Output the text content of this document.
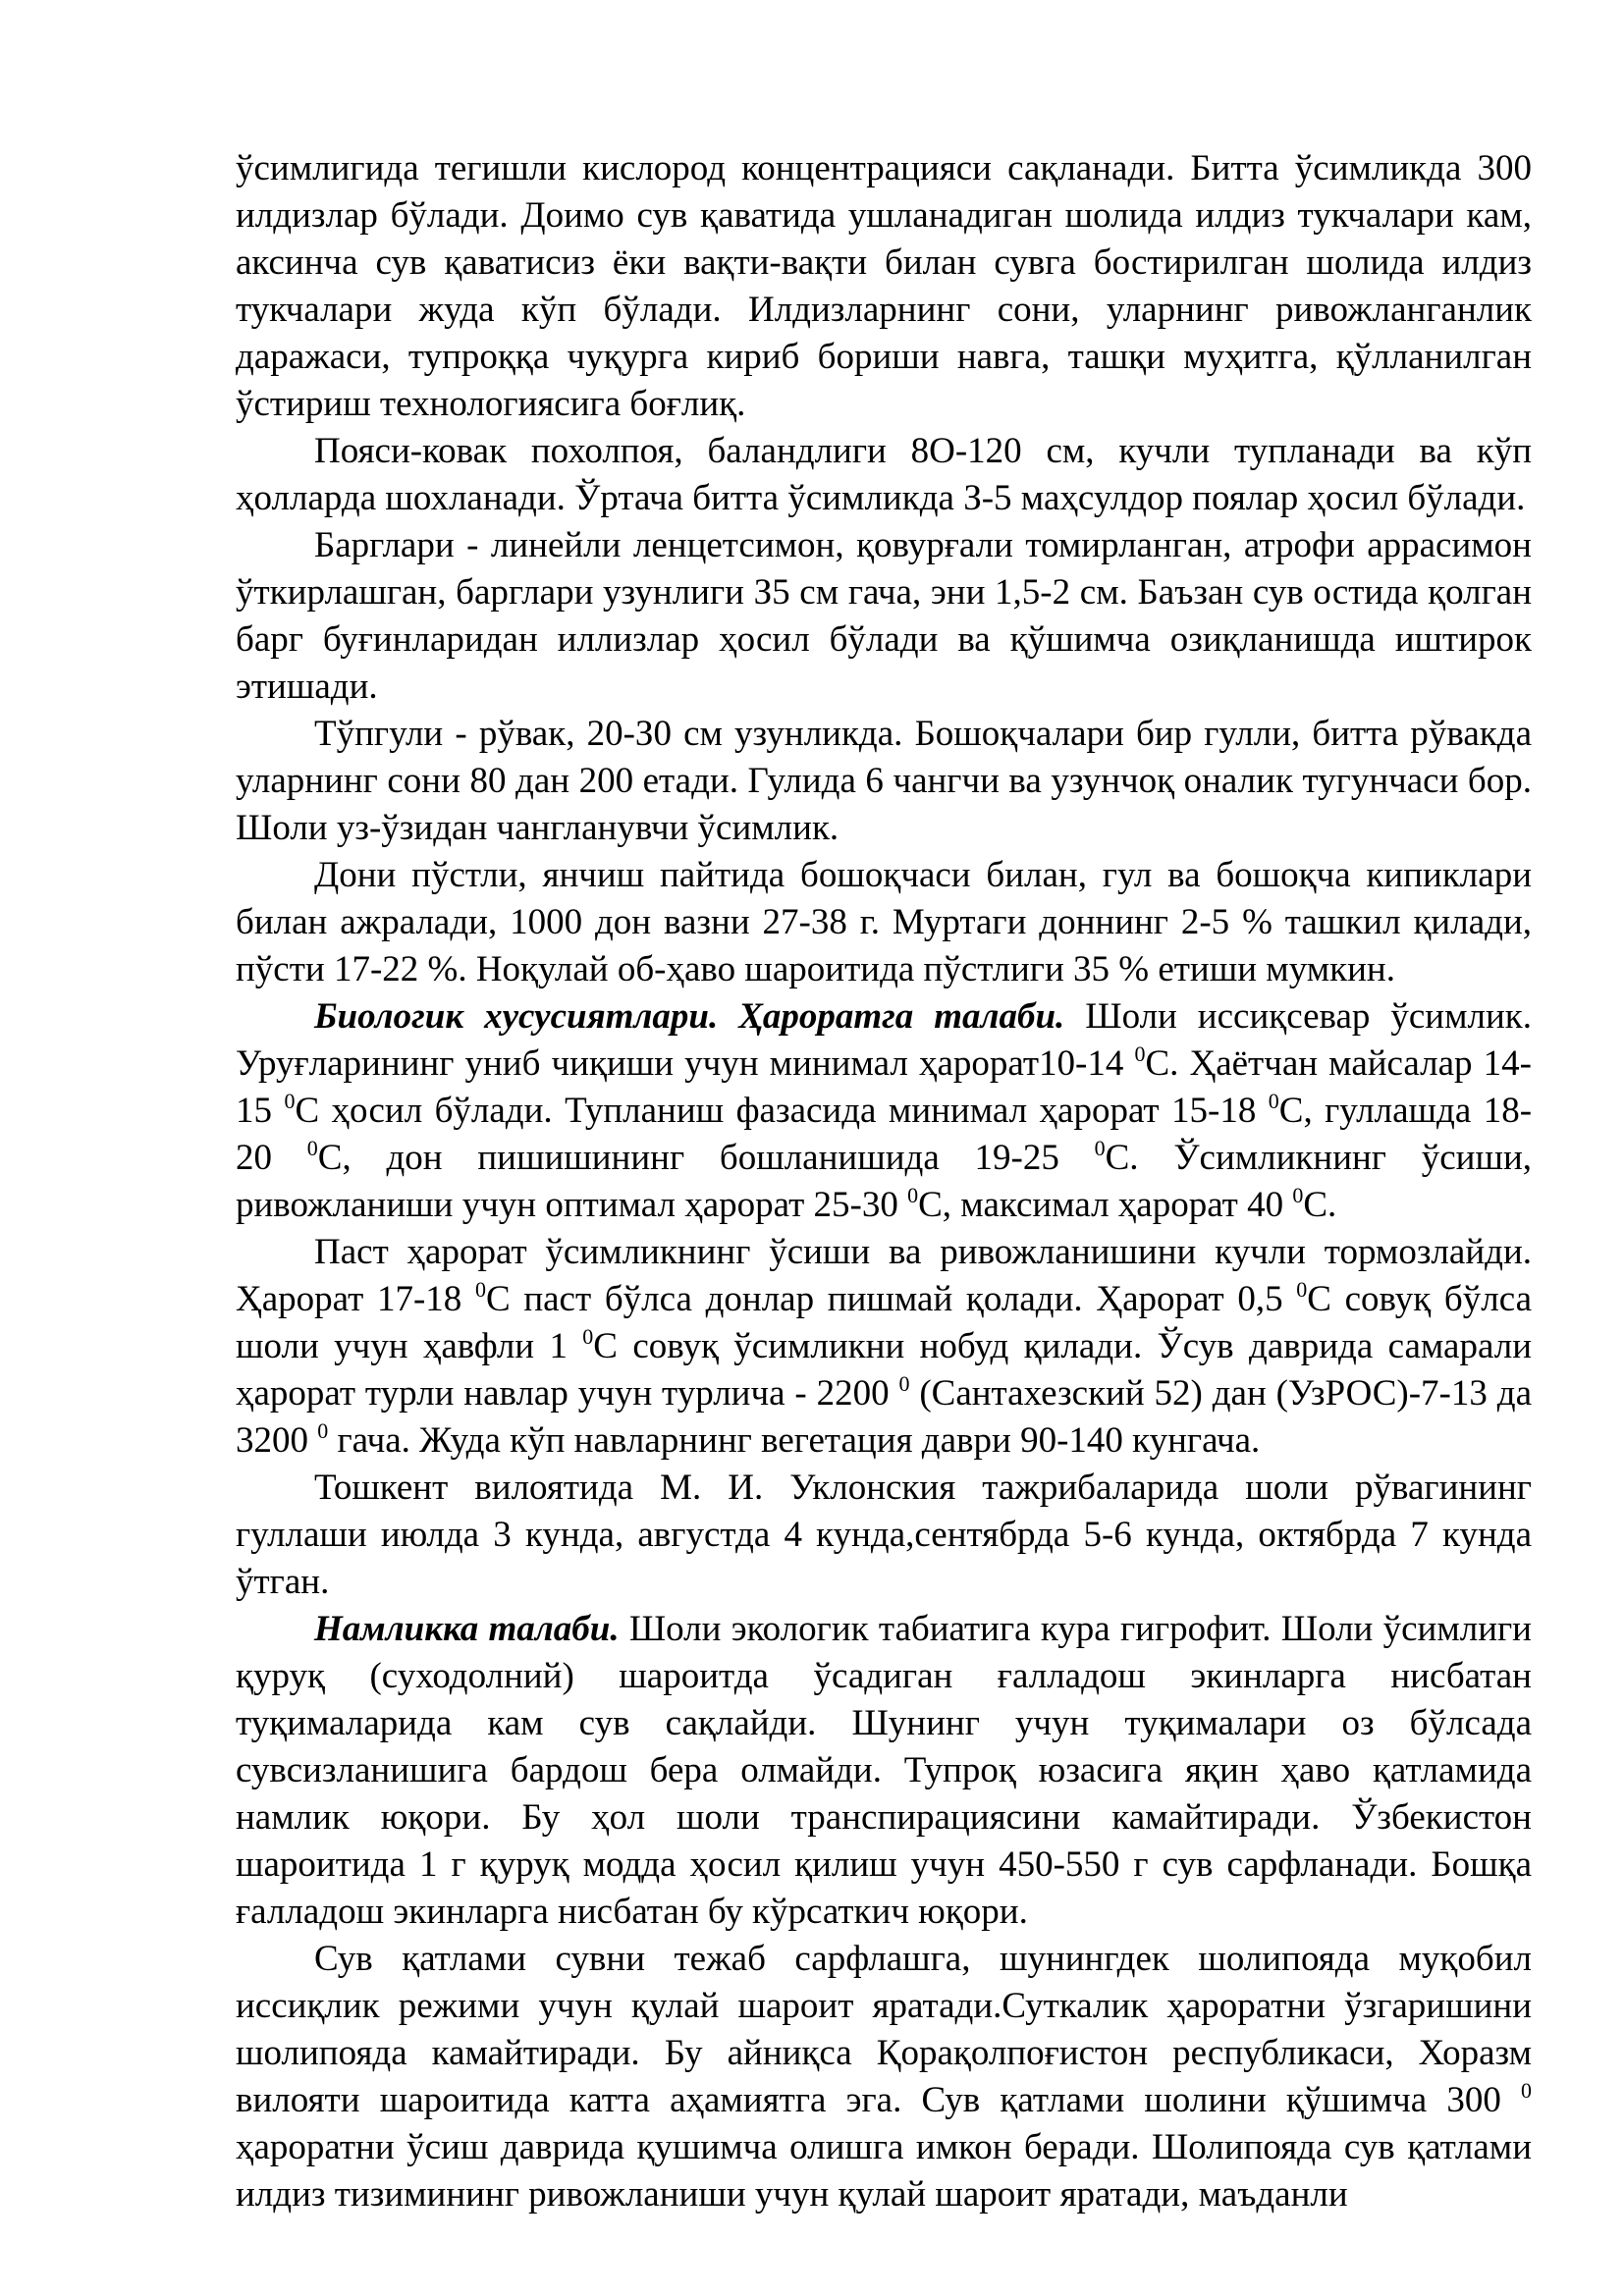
ўсимлигида тегишли кислород концентрацияси сақланади. Битта ўсимликда 300 илдизлар бўлади. Доимо сув қаватида ушланадиган шолида илдиз тукчалари кам, аксинча сув қаватисиз ёки вақти-вақти билан сувга бостирилган шолида илдиз тукчалари жуда кўп бўлади. Илдизларнинг сони, уларнинг ривожланганлик даражаси, тупроққа чуқурга кириб бориши навга, ташқи муҳитга, қўлланилган ўстириш технологиясига боғлиқ.

Пояси-ковак похолпоя, баландлиги 8О-120 см, кучли тупланади ва кўп ҳолларда шохланади. Ўртача битта ўсимликда З-5 маҳсулдор поялар ҳосил бўлади.

Барглари - линейли ленцетсимон, қовурғали томирланган, атрофи аррасимон ўткирлашган, барглари узунлиги З5 см гача, эни 1,5-2 см. Баъзан сув остида қолган барг буғинларидан иллизлар ҳосил бўлади ва қўшимча озиқланишда иштирок этишади.

Тўпгули - рўвак, 20-З0 см узунликда. Бошоқчалари бир гулли, битта рўвакда уларнинг сони 80 дан 200 етади. Гулида 6 чангчи ва узунчоқ оналик тугунчаси бор. Шоли уз-ўзидан чангланувчи ўсимлик.

Дони пўстли, янчиш пайтида бошоқчаси билан, гул ва бошоқча кипиклари билан ажралади, 1000 дон вазни 27-38 г. Муртаги доннинг 2-5 % ташкил қилади, пўсти 17-22 %. Ноқулай об-ҳаво шароитида пўстлиги 35 % етиши мумкин.

Биологик хусусиятлари. Ҳароратга талаби. Шоли иссиқсевар ўсимлик. Уруғларининг униб чиқиши учун минимал ҳарорат10-14 $^0$С. Ҳаётчан майсалар 14-15 $^0$С ҳосил бўлади. Тупланиш фазасида минимал ҳарорат 15-18 $^0$С, гуллашда 18-20 $^0$С, дон пишишининг бошланишида 19-25 $^0$С. Ўсимликнинг ўсиши, ривожланиши учун оптимал ҳарорат 25-30 $^0$С, максимал ҳарорат 40 $^0$С.

Паст ҳарорат ўсимликнинг ўсиши ва ривожланишини кучли тормозлайди. Ҳарорат 17-18 $^0$С паст бўлса донлар пишмай қолади. Ҳарорат 0,5 $^0$С совуқ бўлса шоли учун ҳавфли 1 $^0$С совуқ ўсимликни нобуд қилади. Ўсув даврида самарали ҳарорат турли навлар учун турлича - 2200 $^0$ (Сантахезский 52) дан (УзРОС)-7-13 да 3200 $^0$ гача. Жуда кўп навларнинг вегетация даври 90-140 кунгача.

Тошкент вилоятида М. И. Уклонския тажрибаларида шоли рўвагининг гуллаши июлда 3 кунда, августда 4 кунда,сентябрда 5-6 кунда, октябрда 7 кунда ўтган.

Намликка талаби. Шоли экологик табиатига кура гигрофит. Шоли ўсимлиги қуруқ (суходолний) шароитда ўсадиган ғалладош экинларга нисбатан туқималарида кам сув сақлайди. Шунинг учун туқималари оз бўлсада сувсизланишига бардош бера олмайди. Тупроқ юзасига яқин ҳаво қатламида намлик юқори. Бу ҳол шоли транспирациясини камайтиради. Ўзбекистон шароитида 1 г қуруқ модда ҳосил қилиш учун 450-550 г сув сарфланади. Бошқа ғалладош экинларга нисбатан бу кўрсаткич юқори.

Сув қатлами сувни тежаб сарфлашга, шунингдек шолипояда муқобил иссиқлик режими учун қулай шароит яратади.Суткалик ҳароратни ўзгаришини шолипояда камайтиради. Бу айниқса Қорақолпоғистон республикаси, Хоразм вилояти шароитида катта аҳамиятга эга. Сув қатлами шолини қўшимча 300 $^0$ ҳароратни ўсиш даврида қушимча олишга имкон беради. Шолипояда сув қатлами илдиз тизимининг ривожланиши учун қулай шароит яратади, маъданли
